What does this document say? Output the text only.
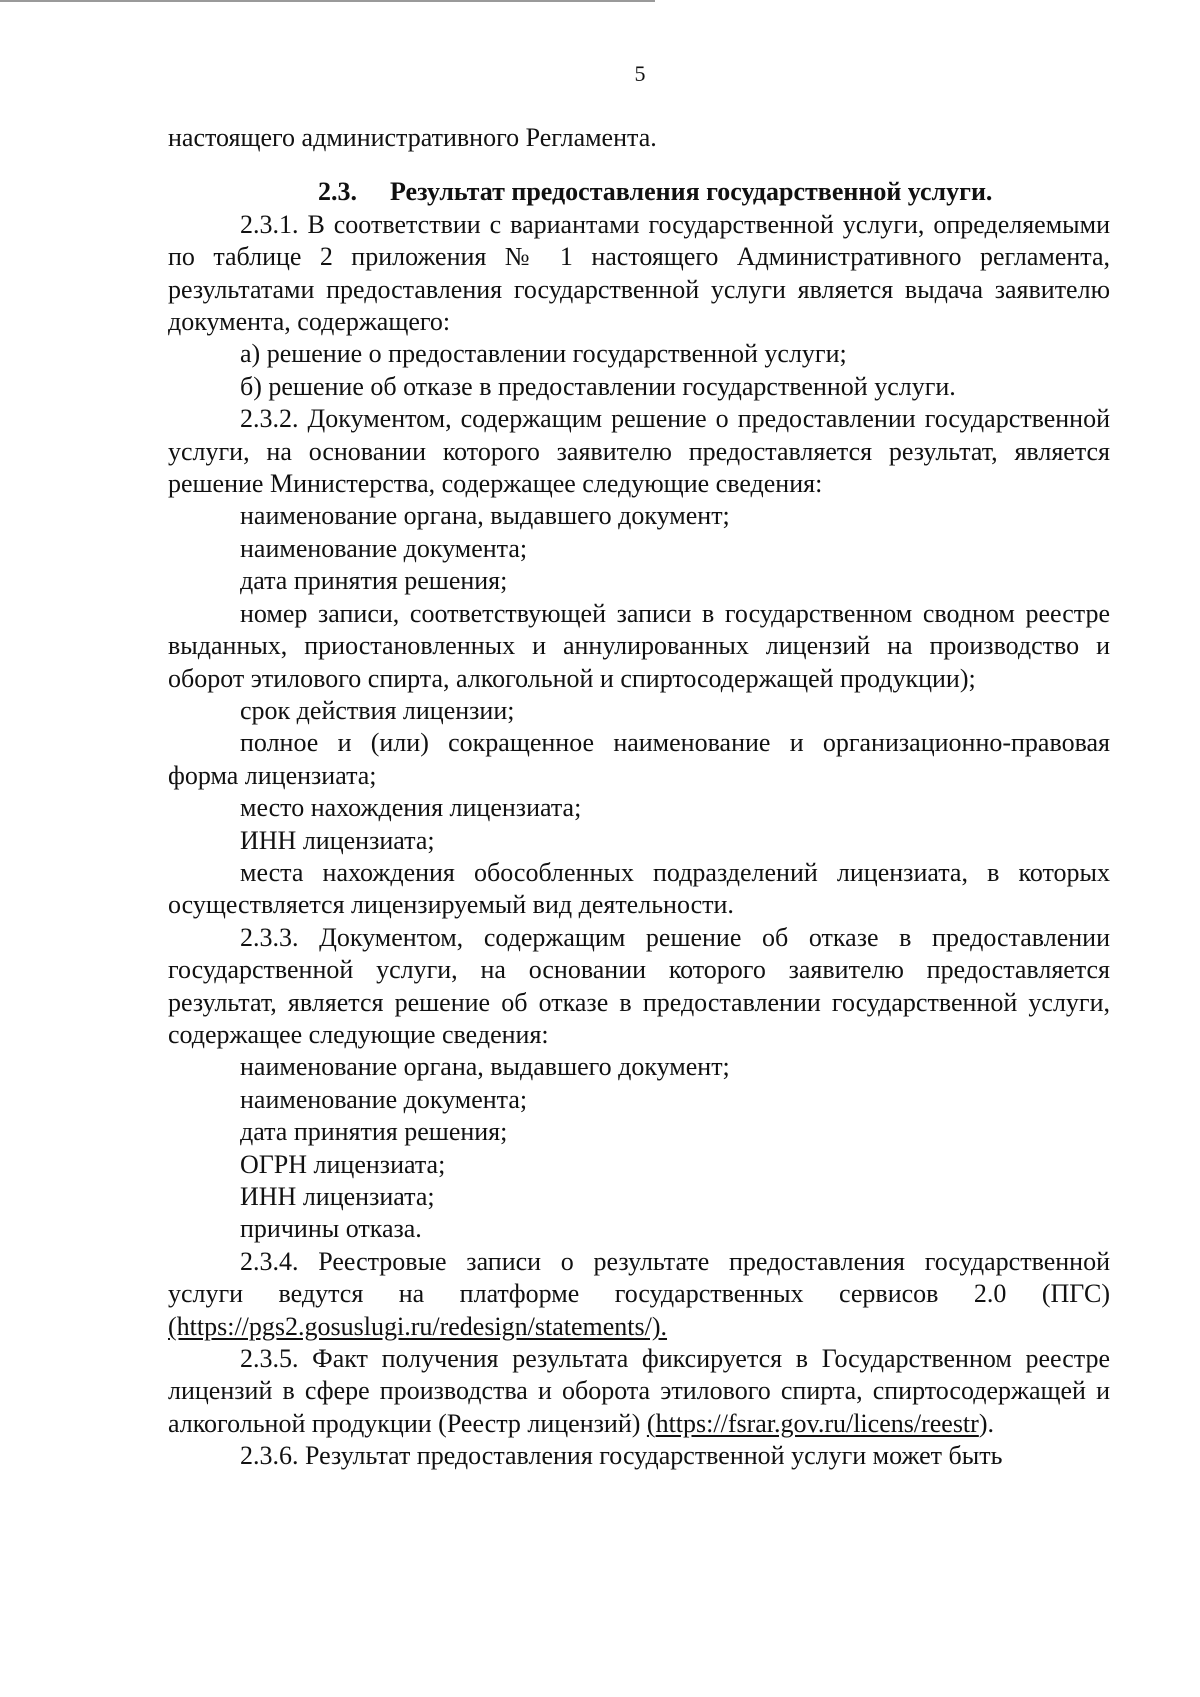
5

настоящего административного Регламента.

2.3. Результат предоставления государственной услуги.

2.3.1. В соответствии с вариантами государственной услуги, определяемыми по таблице 2 приложения № 1 настоящего Административного регламента, результатами предоставления государственной услуги является выдача заявителю документа, содержащего:

а) решение о предоставлении государственной услуги;

б) решение об отказе в предоставлении государственной услуги.

2.3.2. Документом, содержащим решение о предоставлении государственной услуги, на основании которого заявителю предоставляется результат, является решение Министерства, содержащее следующие сведения:

наименование органа, выдавшего документ;

наименование документа;

дата принятия решения;

номер записи, соответствующей записи в государственном сводном реестре выданных, приостановленных и аннулированных лицензий на производство и оборот этилового спирта, алкогольной и спиртосодержащей продукции);

срок действия лицензии;

полное и (или) сокращенное наименование и организационно-правовая форма лицензиата;

место нахождения лицензиата;

ИНН лицензиата;

места нахождения обособленных подразделений лицензиата, в которых осуществляется лицензируемый вид деятельности.

2.3.3. Документом, содержащим решение об отказе в предоставлении государственной услуги, на основании которого заявителю предоставляется результат, является решение об отказе в предоставлении государственной услуги, содержащее следующие сведения:

наименование органа, выдавшего документ;

наименование документа;

дата принятия решения;

ОГРН лицензиата;

ИНН лицензиата;

причины отказа.

2.3.4. Реестровые записи о результате предоставления государственной услуги ведутся на платформе государственных сервисов 2.0 (ПГС) (https://pgs2.gosuslugi.ru/redesign/statements/).

2.3.5. Факт получения результата фиксируется в Государственном реестре лицензий в сфере производства и оборота этилового спирта, спиртосодержащей и алкогольной продукции (Реестр лицензий) (https://fsrar.gov.ru/licens/reestr).

2.3.6. Результат предоставления государственной услуги может быть
